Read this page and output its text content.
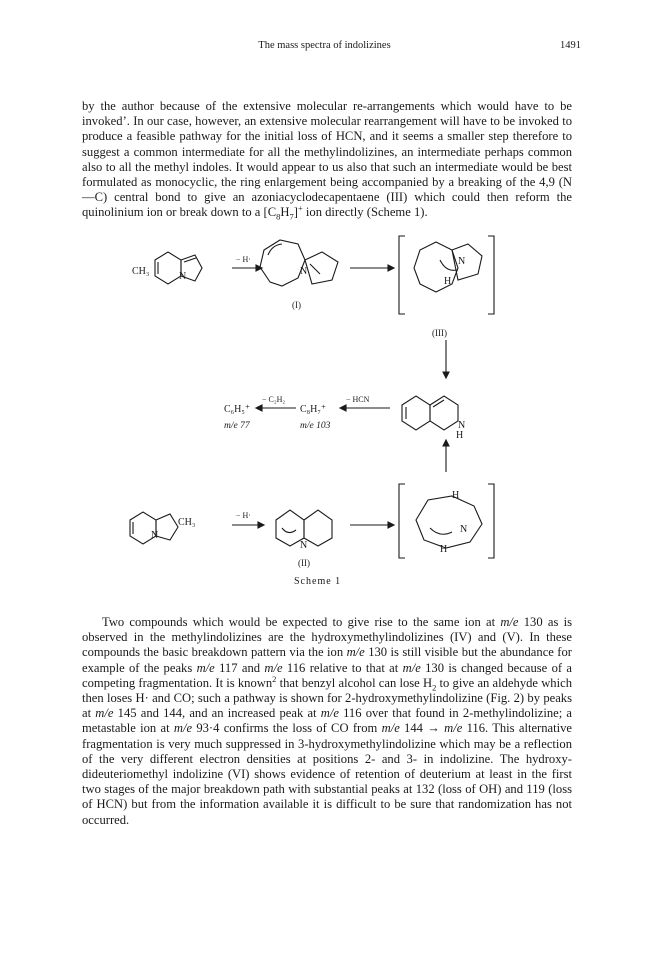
The mass spectra of indolizines	1491

by the author because of the extensive molecular re-arrangements which would have to be invoked’. In our case, however, an extensive molecular rearrangement will have to be invoked to produce a feasible pathway for the initial loss of HCN, and it seems a smaller step therefore to suggest a common intermediate for all the methylindolizines, an intermediate perhaps common also to all the methyl indoles. It would appear to us also that such an intermediate would be best formulated as monocyclic, the ring enlargement being accompanied by a breaking of the 4,9 (N—C) central bond to give an azoniacyclodecapentaene (III) which could then reform the quinolinium ion or break down to a $[C_8H_7]^+$ ion directly (Scheme 1).

CH₃	N
− H·
N
(I)
N
H
(III)
C₆H₅⁺
m/e 77
− C₂H₂
C₈H₇⁺
m/e 103
− HCN
N
H
N
CH₃
− H·
N
(II)
H
N
H
Scheme 1

Two compounds which would be expected to give rise to the same ion at m/e 130 as is observed in the methylindolizines are the hydroxymethylindolizines (IV) and (V). In these compounds the basic breakdown pattern via the ion m/e 130 is still visible but the abundance for example of the peaks m/e 117 and m/e 116 relative to that at m/e 130 is changed because of a competing fragmentation. It is known$^2$ that benzyl alcohol can lose $H_2$ to give an aldehyde which then loses H· and CO; such a pathway is shown for 2-hydroxymethylindolizine (Fig. 2) by peaks at m/e 145 and 144, and an increased peak at m/e 116 over that found in 2-methylindolizine; a metastable ion at m/e 93·4 confirms the loss of CO from m/e 144 → m/e 116. This alternative fragmentation is very much suppressed in 3-hydroxymethylindolizine which may be a reflection of the very different electron densities at positions 2- and 3- in indolizine. The hydroxy-dideuteriomethyl indolizine (VI) shows evidence of retention of deuterium at least in the first two stages of the major breakdown path with substantial peaks at 132 (loss of OH) and 119 (loss of HCN) but from the information available it is difficult to be sure that randomization has not occurred.
